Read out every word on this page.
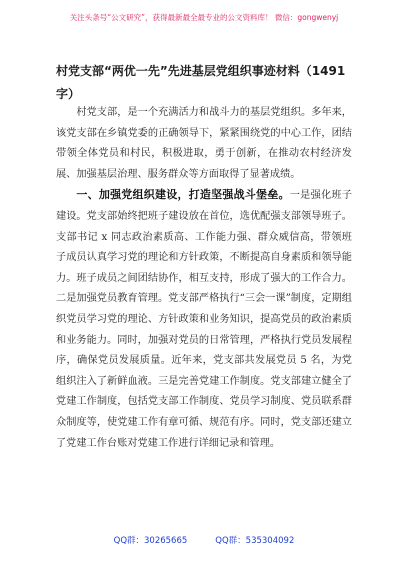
关注头条号“公文研究”，获得最新最全最专业的公文资料库！ 微信：gongwenyj
村党支部“两优一先”先进基层党组织事迹材料（1491字）

村党支部，是一个充满活力和战斗力的基层党组织。多年来，该党支部在乡镇党委的正确领导下，紧紧围绕党的中心工作，团结带领全体党员和村民，积极进取，勇于创新，在推动农村经济发展、加强基层治理、服务群众等方面取得了显著成绩。

一、加强党组织建设，打造坚强战斗堡垒。一是强化班子建设。党支部始终把班子建设放在首位，选优配强支部领导班子。支部书记 x 同志政治素质高、工作能力强、群众威信高，带领班子成员认真学习党的理论和方针政策，不断提高自身素质和领导能力。班子成员之间团结协作，相互支持，形成了强大的工作合力。二是加强党员教育管理。党支部严格执行“三会一课”制度，定期组织党员学习党的理论、方针政策和业务知识，提高党员的政治素质和业务能力。同时，加强对党员的日常管理，严格执行党员发展程序，确保党员发展质量。近年来，党支部共发展党员 5 名，为党组织注入了新鲜血液。三是完善党建工作制度。党支部建立健全了党建工作制度，包括党支部工作制度、党员学习制度、党员联系群众制度等，使党建工作有章可循、规范有序。同时，党支部还建立了党建工作台账对党建工作进行详细记录和管理。

QQ群：30265665	QQ群：535304092
